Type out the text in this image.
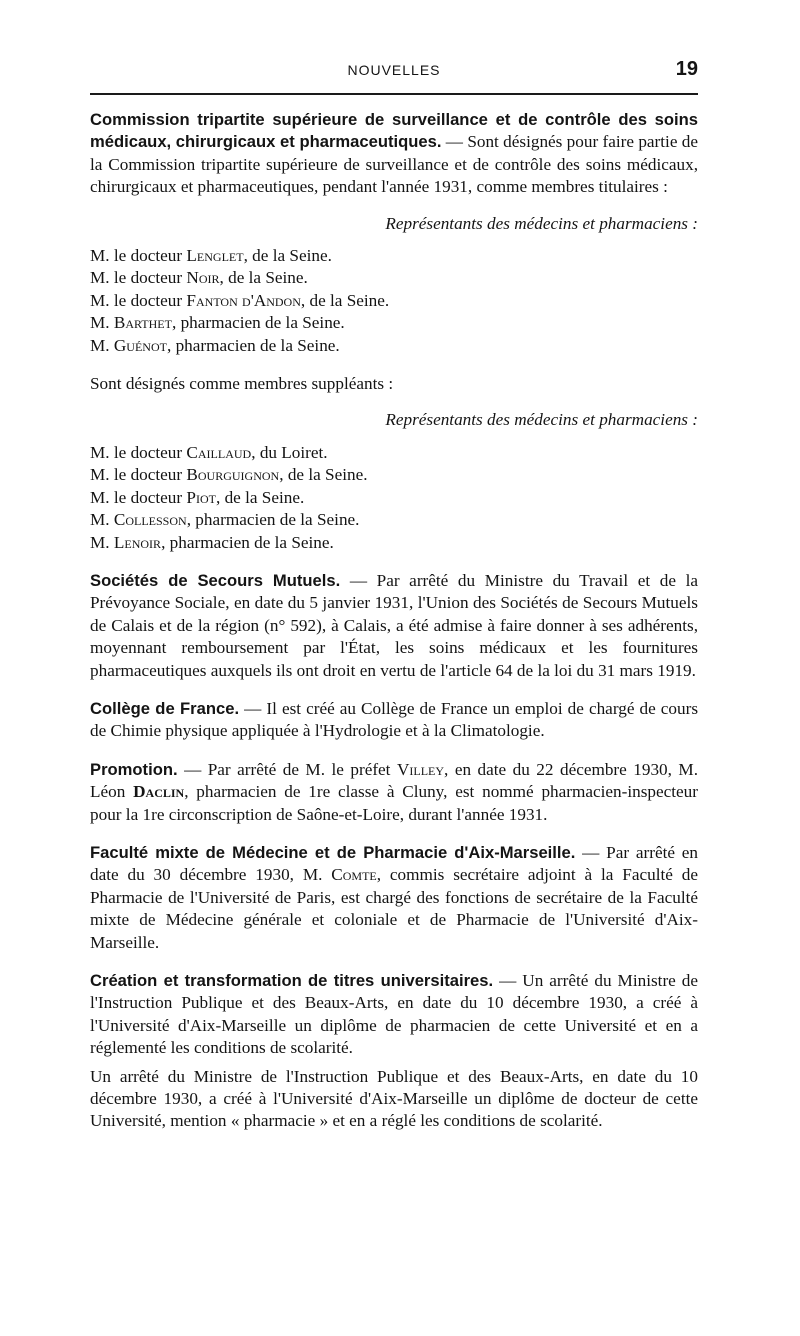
NOUVELLES	19

Commission tripartite supérieure de surveillance et de contrôle des soins médicaux, chirurgicaux et pharmaceutiques. — Sont désignés pour faire partie de la Commission tripartite supérieure de surveillance et de contrôle des soins médicaux, chirurgicaux et pharmaceutiques, pendant l'année 1931, comme membres titulaires :

Représentants des médecins et pharmaciens :

M. le docteur Lenglet, de la Seine.
M. le docteur Noir, de la Seine.
M. le docteur Fanton d'Andon, de la Seine.
M. Barthet, pharmacien de la Seine.
M. Guénot, pharmacien de la Seine.

Sont désignés comme membres suppléants :

Représentants des médecins et pharmaciens :

M. le docteur Caillaud, du Loiret.
M. le docteur Bourguignon, de la Seine.
M. le docteur Piot, de la Seine.
M. Collesson, pharmacien de la Seine.
M. Lenoir, pharmacien de la Seine.

Sociétés de Secours Mutuels. — Par arrêté du Ministre du Travail et de la Prévoyance Sociale, en date du 5 janvier 1931, l'Union des Sociétés de Secours Mutuels de Calais et de la région (n° 592), à Calais, a été admise à faire donner à ses adhérents, moyennant remboursement par l'État, les soins médicaux et les fournitures pharmaceutiques auxquels ils ont droit en vertu de l'article 64 de la loi du 31 mars 1919.

Collège de France. — Il est créé au Collège de France un emploi de chargé de cours de Chimie physique appliquée à l'Hydrologie et à la Climatologie.

Promotion. — Par arrêté de M. le préfet Villey, en date du 22 décembre 1930, M. Léon Daclin, pharmacien de 1re classe à Cluny, est nommé pharmacien-inspecteur pour la 1re circonscription de Saône-et-Loire, durant l'année 1931.

Faculté mixte de Médecine et de Pharmacie d'Aix-Marseille. — Par arrêté en date du 30 décembre 1930, M. Comte, commis secrétaire adjoint à la Faculté de Pharmacie de l'Université de Paris, est chargé des fonctions de secrétaire de la Faculté mixte de Médecine générale et coloniale et de Pharmacie de l'Université d'Aix-Marseille.

Création et transformation de titres universitaires. — Un arrêté du Ministre de l'Instruction Publique et des Beaux-Arts, en date du 10 décembre 1930, a créé à l'Université d'Aix-Marseille un diplôme de pharmacien de cette Université et en a réglementé les conditions de scolarité.

Un arrêté du Ministre de l'Instruction Publique et des Beaux-Arts, en date du 10 décembre 1930, a créé à l'Université d'Aix-Marseille un diplôme de docteur de cette Université, mention « pharmacie » et en a réglé les conditions de scolarité.
